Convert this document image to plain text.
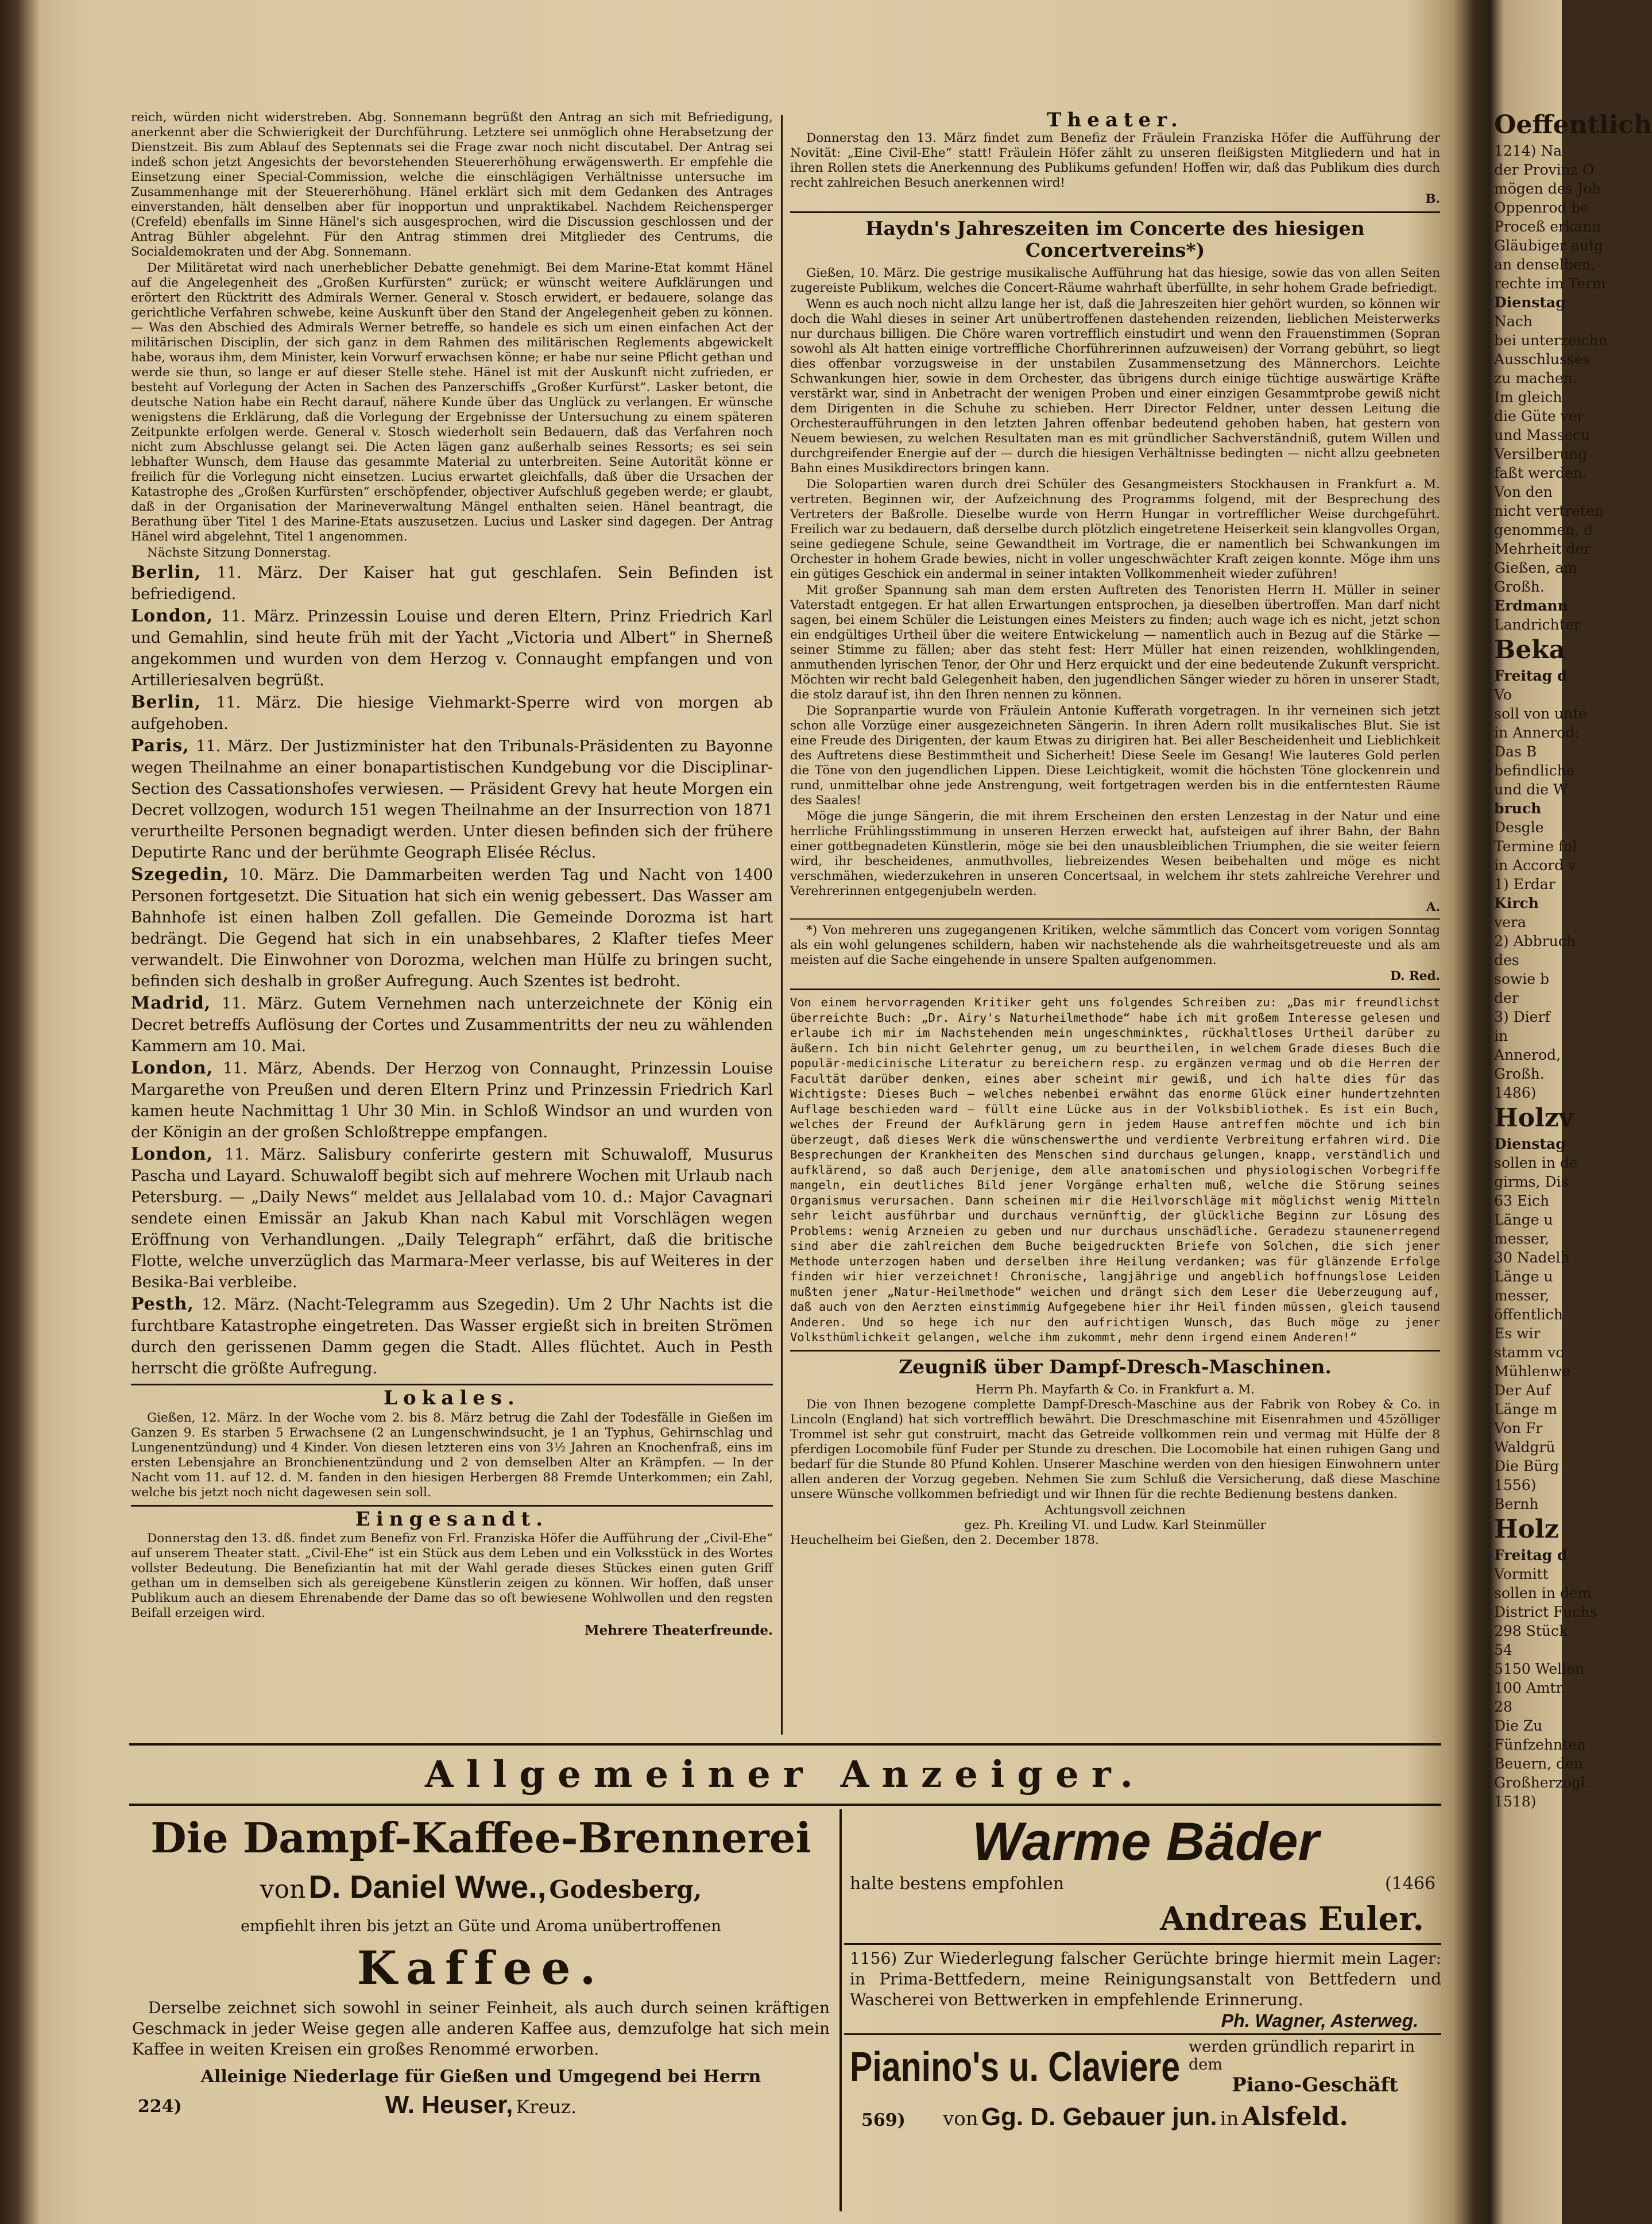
reich, würden nicht widerstreben. Abg. Sonnemann begrüßt den Antrag an sich mit Befriedigung, anerkennt aber die Schwierigkeit der Durchführung. Letztere sei unmöglich ohne Herabsetzung der Dienstzeit. Bis zum Ablauf des Septennats sei die Frage zwar noch nicht discutabel. Der Antrag sei indeß schon jetzt Angesichts der bevorstehenden Steuererhöhung erwägenswerth. Er empfehle die Einsetzung einer Special-Commission, welche die einschlägigen Verhältnisse untersuche im Zusammenhange mit der Steuererhöhung. Hänel erklärt sich mit dem Gedanken des Antrages einverstanden, hält denselben aber für inopportun und unpraktikabel. Nachdem Reichensperger (Crefeld) ebenfalls im Sinne Hänel's sich ausgesprochen, wird die Discussion geschlossen und der Antrag Bühler abgelehnt. Für den Antrag stimmen drei Mitglieder des Centrums, die Socialdemokraten und der Abg. Sonnemann.

Der Militäretat wird nach unerheblicher Debatte genehmigt. Bei dem Marine-Etat kommt Hänel auf die Angelegenheit des „Großen Kurfürsten“ zurück; er wünscht weitere Aufklärungen und erörtert den Rücktritt des Admirals Werner. General v. Stosch erwidert, er bedauere, solange das gerichtliche Verfahren schwebe, keine Auskunft über den Stand der Angelegenheit geben zu können. — Was den Abschied des Admirals Werner betreffe, so handele es sich um einen einfachen Act der militärischen Disciplin, der sich ganz in dem Rahmen des militärischen Reglements abgewickelt habe, woraus ihm, dem Minister, kein Vorwurf erwachsen könne; er habe nur seine Pflicht gethan und werde sie thun, so lange er auf dieser Stelle stehe. Hänel ist mit der Auskunft nicht zufrieden, er besteht auf Vorlegung der Acten in Sachen des Panzerschiffs „Großer Kurfürst“. Lasker betont, die deutsche Nation habe ein Recht darauf, nähere Kunde über das Unglück zu verlangen. Er wünsche wenigstens die Erklärung, daß die Vorlegung der Ergebnisse der Untersuchung zu einem späteren Zeitpunkte erfolgen werde. General v. Stosch wiederholt sein Bedauern, daß das Verfahren noch nicht zum Abschlusse gelangt sei. Die Acten lägen ganz außerhalb seines Ressorts; es sei sein lebhafter Wunsch, dem Hause das gesammte Material zu unterbreiten. Seine Autorität könne er freilich für die Vorlegung nicht einsetzen. Lucius erwartet gleichfalls, daß über die Ursachen der Katastrophe des „Großen Kurfürsten“ erschöpfender, objectiver Aufschluß gegeben werde; er glaubt, daß in der Organisation der Marineverwaltung Mängel enthalten seien. Hänel beantragt, die Berathung über Titel 1 des Marine-Etats auszusetzen. Lucius und Lasker sind dagegen. Der Antrag Hänel wird abgelehnt, Titel 1 angenommen.

Nächste Sitzung Donnerstag.

Berlin, 11. März. Der Kaiser hat gut geschlafen. Sein Befinden ist befriedigend.

London, 11. März. Prinzessin Louise und deren Eltern, Prinz Friedrich Karl und Gemahlin, sind heute früh mit der Yacht „Victoria und Albert“ in Sherneß angekommen und wurden von dem Herzog v. Connaught empfangen und von Artilleriesalven begrüßt.

Berlin, 11. März. Die hiesige Viehmarkt-Sperre wird von morgen ab aufgehoben.

Paris, 11. März. Der Justizminister hat den Tribunals-Präsidenten zu Bayonne wegen Theilnahme an einer bonapartistischen Kundgebung vor die Disciplinar-Section des Cassationshofes verwiesen. — Präsident Grevy hat heute Morgen ein Decret vollzogen, wodurch 151 wegen Theilnahme an der Insurrection von 1871 verurtheilte Personen begnadigt werden. Unter diesen befinden sich der frühere Deputirte Ranc und der berühmte Geograph Elisée Réclus.

Szegedin, 10. März. Die Dammarbeiten werden Tag und Nacht von 1400 Personen fortgesetzt. Die Situation hat sich ein wenig gebessert. Das Wasser am Bahnhofe ist einen halben Zoll gefallen. Die Gemeinde Dorozma ist hart bedrängt. Die Gegend hat sich in ein unabsehbares, 2 Klafter tiefes Meer verwandelt. Die Einwohner von Dorozma, welchen man Hülfe zu bringen sucht, befinden sich deshalb in großer Aufregung. Auch Szentes ist bedroht.

Madrid, 11. März. Gutem Vernehmen nach unterzeichnete der König ein Decret betreffs Auflösung der Cortes und Zusammentritts der neu zu wählenden Kammern am 10. Mai.

London, 11. März, Abends. Der Herzog von Connaught, Prinzessin Louise Margarethe von Preußen und deren Eltern Prinz und Prinzessin Friedrich Karl kamen heute Nachmittag 1 Uhr 30 Min. in Schloß Windsor an und wurden von der Königin an der großen Schloßtreppe empfangen.

London, 11. März. Salisbury conferirte gestern mit Schuwaloff, Musurus Pascha und Layard. Schuwaloff begibt sich auf mehrere Wochen mit Urlaub nach Petersburg. — „Daily News“ meldet aus Jellalabad vom 10. d.: Major Cavagnari sendete einen Emissär an Jakub Khan nach Kabul mit Vorschlägen wegen Eröffnung von Verhandlungen. „Daily Telegraph“ erfährt, daß die britische Flotte, welche unverzüglich das Marmara-Meer verlasse, bis auf Weiteres in der Besika-Bai verbleibe.

Pesth, 12. März. (Nacht-Telegramm aus Szegedin). Um 2 Uhr Nachts ist die furchtbare Katastrophe eingetreten. Das Wasser ergießt sich in breiten Strömen durch den gerissenen Damm gegen die Stadt. Alles flüchtet. Auch in Pesth herrscht die größte Aufregung.

Lokales.

Gießen, 12. März. In der Woche vom 2. bis 8. März betrug die Zahl der Todesfälle in Gießen im Ganzen 9. Es starben 5 Erwachsene (2 an Lungenschwindsucht, je 1 an Typhus, Gehirnschlag und Lungenentzündung) und 4 Kinder. Von diesen letzteren eins von 3½ Jahren an Knochenfraß, eins im ersten Lebensjahre an Bronchienentzündung und 2 von demselben Alter an Krämpfen. — In der Nacht vom 11. auf 12. d. M. fanden in den hiesigen Herbergen 88 Fremde Unterkommen; ein Zahl, welche bis jetzt noch nicht dagewesen sein soll.

Eingesandt.

Donnerstag den 13. dß. findet zum Benefiz von Frl. Franziska Höfer die Aufführung der „Civil-Ehe“ auf unserem Theater statt. „Civil-Ehe“ ist ein Stück aus dem Leben und ein Volksstück in des Wortes vollster Bedeutung. Die Benefiziantin hat mit der Wahl gerade dieses Stückes einen guten Griff gethan um in demselben sich als gereigebene Künstlerin zeigen zu können. Wir hoffen, daß unser Publikum auch an diesem Ehrenabende der Dame das so oft bewiesene Wohlwollen und den regsten Beifall erzeigen wird.

Mehrere Theaterfreunde.
Theater.

Donnerstag den 13. März findet zum Benefiz der Fräulein Franziska Höfer die Aufführung der Novität: „Eine Civil-Ehe“ statt! Fräulein Höfer zählt zu unseren fleißigsten Mitgliedern und hat in ihren Rollen stets die Anerkennung des Publikums gefunden! Hoffen wir, daß das Publikum dies durch recht zahlreichen Besuch anerkennen wird!

B.
Haydn's Jahreszeiten im Concerte des hiesigen Concertvereins*)

Gießen, 10. März. Die gestrige musikalische Aufführung hat das hiesige, sowie das von allen Seiten zugereiste Publikum, welches die Concert-Räume wahrhaft überfüllte, in sehr hohem Grade befriedigt.

Wenn es auch noch nicht allzu lange her ist, daß die Jahreszeiten hier gehört wurden, so können wir doch die Wahl dieses in seiner Art unübertroffenen dastehenden reizenden, lieblichen Meisterwerks nur durchaus billigen. Die Chöre waren vortrefflich einstudirt und wenn den Frauenstimmen (Sopran sowohl als Alt hatten einige vortreffliche Chorführerinnen aufzuweisen) der Vorrang gebührt, so liegt dies offenbar vorzugsweise in der unstabilen Zusammensetzung des Männerchors. Leichte Schwankungen hier, sowie in dem Orchester, das übrigens durch einige tüchtige auswärtige Kräfte verstärkt war, sind in Anbetracht der wenigen Proben und einer einzigen Gesammtprobe gewiß nicht dem Dirigenten in die Schuhe zu schieben. Herr Director Feldner, unter dessen Leitung die Orchesteraufführungen in den letzten Jahren offenbar bedeutend gehoben haben, hat gestern von Neuem bewiesen, zu welchen Resultaten man es mit gründlicher Sachverständniß, gutem Willen und durchgreifender Energie auf der — durch die hiesigen Verhältnisse bedingten — nicht allzu geebneten Bahn eines Musikdirectors bringen kann.

Die Solopartien waren durch drei Schüler des Gesangmeisters Stockhausen in Frankfurt a. M. vertreten. Beginnen wir, der Aufzeichnung des Programms folgend, mit der Besprechung des Vertreters der Baßrolle. Dieselbe wurde von Herrn Hungar in vortrefflicher Weise durchgeführt. Freilich war zu bedauern, daß derselbe durch plötzlich eingetretene Heiserkeit sein klangvolles Organ, seine gediegene Schule, seine Gewandtheit im Vortrage, die er namentlich bei Schwankungen im Orchester in hohem Grade bewies, nicht in voller ungeschwächter Kraft zeigen konnte. Möge ihm uns ein gütiges Geschick ein andermal in seiner intakten Vollkommenheit wieder zuführen!

Mit großer Spannung sah man dem ersten Auftreten des Tenoristen Herrn H. Müller in seiner Vaterstadt entgegen. Er hat allen Erwartungen entsprochen, ja dieselben übertroffen. Man darf nicht sagen, bei einem Schüler die Leistungen eines Meisters zu finden; auch wage ich es nicht, jetzt schon ein endgültiges Urtheil über die weitere Entwickelung — namentlich auch in Bezug auf die Stärke — seiner Stimme zu fällen; aber das steht fest: Herr Müller hat einen reizenden, wohlklingenden, anmuthenden lyrischen Tenor, der Ohr und Herz erquickt und der eine bedeutende Zukunft verspricht. Möchten wir recht bald Gelegenheit haben, den jugendlichen Sänger wieder zu hören in unserer Stadt, die stolz darauf ist, ihn den Ihren nennen zu können.

Die Sopranpartie wurde von Fräulein Antonie Kufferath vorgetragen. In ihr verneinen sich jetzt schon alle Vorzüge einer ausgezeichneten Sängerin. In ihren Adern rollt musikalisches Blut. Sie ist eine Freude des Dirigenten, der kaum Etwas zu dirigiren hat. Bei aller Bescheidenheit und Lieblichkeit des Auftretens diese Bestimmtheit und Sicherheit! Diese Seele im Gesang! Wie lauteres Gold perlen die Töne von den jugendlichen Lippen. Diese Leichtigkeit, womit die höchsten Töne glockenrein und rund, unmittelbar ohne jede Anstrengung, weit fortgetragen werden bis in die entferntesten Räume des Saales!

Möge die junge Sängerin, die mit ihrem Erscheinen den ersten Lenzestag in der Natur und eine herrliche Frühlingsstimmung in unseren Herzen erweckt hat, aufsteigen auf ihrer Bahn, der Bahn einer gottbegnadeten Künstlerin, möge sie bei den unausbleiblichen Triumphen, die sie weiter feiern wird, ihr bescheidenes, anmuthvolles, liebreizendes Wesen beibehalten und möge es nicht verschmähen, wiederzukehren in unseren Concertsaal, in welchem ihr stets zahlreiche Verehrer und Verehrerinnen entgegenjubeln werden.

A.

*) Von mehreren uns zugegangenen Kritiken, welche sämmtlich das Concert vom vorigen Sonntag als ein wohl gelungenes schildern, haben wir nachstehende als die wahrheitsgetreueste und als am meisten auf die Sache eingehende in unsere Spalten aufgenommen.

D. Red.

Von einem hervorragenden Kritiker geht uns folgendes Schreiben zu: „Das mir freundlichst überreichte Buch: „Dr. Airy's Naturheilmethode“ habe ich mit großem Interesse gelesen und erlaube ich mir im Nachstehenden mein ungeschminktes, rückhaltloses Urtheil darüber zu äußern. Ich bin nicht Gelehrter genug, um zu beurtheilen, in welchem Grade dieses Buch die populär-medicinische Literatur zu bereichern resp. zu ergänzen vermag und ob die Herren der Facultät darüber denken, eines aber scheint mir gewiß, und ich halte dies für das Wichtigste: Dieses Buch — welches nebenbei erwähnt das enorme Glück einer hundertzehnten Auflage beschieden ward — füllt eine Lücke aus in der Volksbibliothek. Es ist ein Buch, welches der Freund der Aufklärung gern in jedem Hause antreffen möchte und ich bin überzeugt, daß dieses Werk die wünschenswerthe und verdiente Verbreitung erfahren wird. Die Besprechungen der Krankheiten des Menschen sind durchaus gelungen, knapp, verständlich und aufklärend, so daß auch Derjenige, dem alle anatomischen und physiologischen Vorbegriffe mangeln, ein deutliches Bild jener Vorgänge erhalten muß, welche die Störung seines Organismus verursachen. Dann scheinen mir die Heilvorschläge mit möglichst wenig Mitteln sehr leicht ausführbar und durchaus vernünftig, der glückliche Beginn zur Lösung des Problems: wenig Arzneien zu geben und nur durchaus unschädliche. Geradezu staunenerregend sind aber die zahlreichen dem Buche beigedruckten Briefe von Solchen, die sich jener Methode unterzogen haben und derselben ihre Heilung verdanken; was für glänzende Erfolge finden wir hier verzeichnet! Chronische, langjährige und angeblich hoffnungslose Leiden mußten jener „Natur-Heilmethode“ weichen und drängt sich dem Leser die Ueberzeugung auf, daß auch von den Aerzten einstimmig Aufgegebene hier ihr Heil finden müssen, gleich tausend Anderen. Und so hege ich nur den aufrichtigen Wunsch, das Buch möge zu jener Volksthümlichkeit gelangen, welche ihm zukommt, mehr denn irgend einem Anderen!“

Zeugniß über Dampf-Dresch-Maschinen.
Herrn Ph. Mayfarth & Co. in Frankfurt a. M.

Die von Ihnen bezogene complette Dampf-Dresch-Maschine aus der Fabrik von Robey & Co. in Lincoln (England) hat sich vortrefflich bewährt. Die Dreschmaschine mit Eisenrahmen und 45zölliger Trommel ist sehr gut construirt, macht das Getreide vollkommen rein und vermag mit Hülfe der 8 pferdigen Locomobile fünf Fuder per Stunde zu dreschen. Die Locomobile hat einen ruhigen Gang und bedarf für die Stunde 80 Pfund Kohlen. Unserer Maschine werden von den hiesigen Einwohnern unter allen anderen der Vorzug gegeben. Nehmen Sie zum Schluß die Versicherung, daß diese Maschine unsere Wünsche vollkommen befriedigt und wir Ihnen für die rechte Bedienung bestens danken.

Achtungsvoll zeichnen
gez. Ph. Kreiling VI. und Ludw. Karl Steinmüller
Heuchelheim bei Gießen, den 2. December 1878.
Allgemeiner Anzeiger.
Die Dampf-Kaffee-Brennerei
von D. Daniel Wwe., Godesberg,
empfiehlt ihren bis jetzt an Güte und Aroma unübertroffenen
Kaffee.
Derselbe zeichnet sich sowohl in seiner Feinheit, als auch durch seinen kräftigen Geschmack in jeder Weise gegen alle anderen Kaffee aus, demzufolge hat sich mein Kaffee in weiten Kreisen ein großes Renommé erworben.
Alleinige Niederlage für Gießen und Umgegend bei Herrn
224)	W. Heuser, Kreuz.
Warme Bäder
halte bestens empfohlen	(1466
Andreas Euler.
1156) Zur Wiederlegung falscher Gerüchte bringe hiermit mein Lager: in Prima-Bettfedern, meine Reinigungsanstalt von Bettfedern und Wascherei von Bettwerken in empfehlende Erinnerung.
Ph. Wagner, Asterweg.
Pianino's u. Claviere werden gründlich reparirt in dem
Piano-Geschäft
569) von Gg. D. Gebauer jun. in Alsfeld.
Oeffentlich
1214) Na
der Provinz O
mögen des Joh
Oppenrod be
Proceß erkann
Gläubiger aufg
an denselben,
rechte im Term
Dienstag
Nach
bei unterzeichn
Ausschlusses
zu machen.
Im gleich
die Güte ver
und Massecu
Versilberung
faßt werden.
Von den
nicht vertreten
genommen, d
Mehrheit der
Gießen, am
Großh.
Erdmann
Landrichter
Beka
Freitag d
Vo
soll von unte
in Annerod:
Das B
befindliche
und die W
bruch
Desgle
Termine fol
in Accord v
1) Erdar
Kirch
vera
2) Abbruch
des
sowie b
der
3) Dierf
in
Annerod,
Großh.
1486)
Holzv
Dienstag
sollen in de
girms, Dis
63 Eich
Länge u
messer,
30 Nadelh
Länge u
messer,
öffentlich
Es wir
stamm vo
Mühlenwe
Der Auf
Länge m
Von Fr
Waldgrü
Die Bürg
1556)
Bernh
Holz
Freitag d
Vormitt
sollen in dem
District Fuchs
298 Stück
54
5150 Wellen
100 Amtr.
28
Die Zu
Fünfzehnten
Beuern, den
Großherzogl.
1518)
